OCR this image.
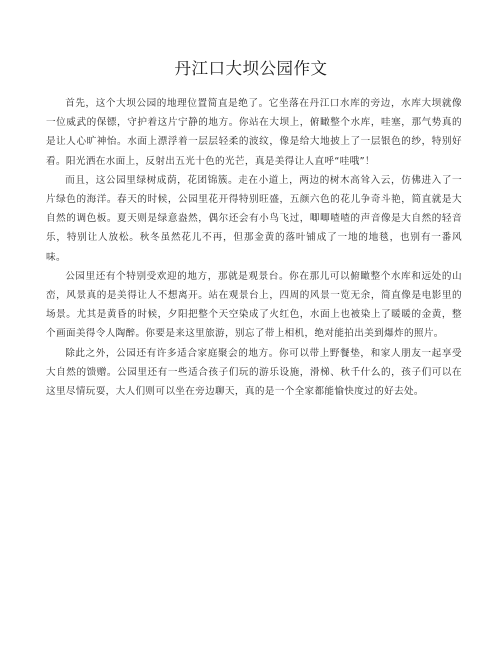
丹江口大坝公园作文

首先，这个大坝公园的地理位置简直是绝了。它坐落在丹江口水库的旁边，水库大坝就像一位威武的保镖，守护着这片宁静的地方。你站在大坝上，俯瞰整个水库，哇塞，那气势真的是让人心旷神怡。水面上漂浮着一层层轻柔的波纹，像是给大地披上了一层银色的纱，特别好看。阳光洒在水面上，反射出五光十色的光芒，真是美得让人直呼“哇哦”！

而且，这公园里绿树成荫，花团锦簇。走在小道上，两边的树木高耸入云，仿佛进入了一片绿色的海洋。春天的时候，公园里花开得特别旺盛，五颜六色的花儿争奇斗艳，简直就是大自然的调色板。夏天则是绿意盎然，偶尔还会有小鸟飞过，唧唧喳喳的声音像是大自然的轻音乐，特别让人放松。秋冬虽然花儿不再，但那金黄的落叶铺成了一地的地毯，也别有一番风味。

公园里还有个特别受欢迎的地方，那就是观景台。你在那儿可以俯瞰整个水库和远处的山峦，风景真的是美得让人不想离开。站在观景台上，四周的风景一览无余，简直像是电影里的场景。尤其是黄昏的时候，夕阳把整个天空染成了火红色，水面上也被染上了暖暖的金黄，整个画面美得令人陶醉。你要是来这里旅游，别忘了带上相机，绝对能拍出美到爆炸的照片。

除此之外，公园还有许多适合家庭聚会的地方。你可以带上野餐垫，和家人朋友一起享受大自然的馈赠。公园里还有一些适合孩子们玩的游乐设施，滑梯、秋千什么的，孩子们可以在这里尽情玩耍，大人们则可以坐在旁边聊天，真的是一个全家都能愉快度过的好去处。
